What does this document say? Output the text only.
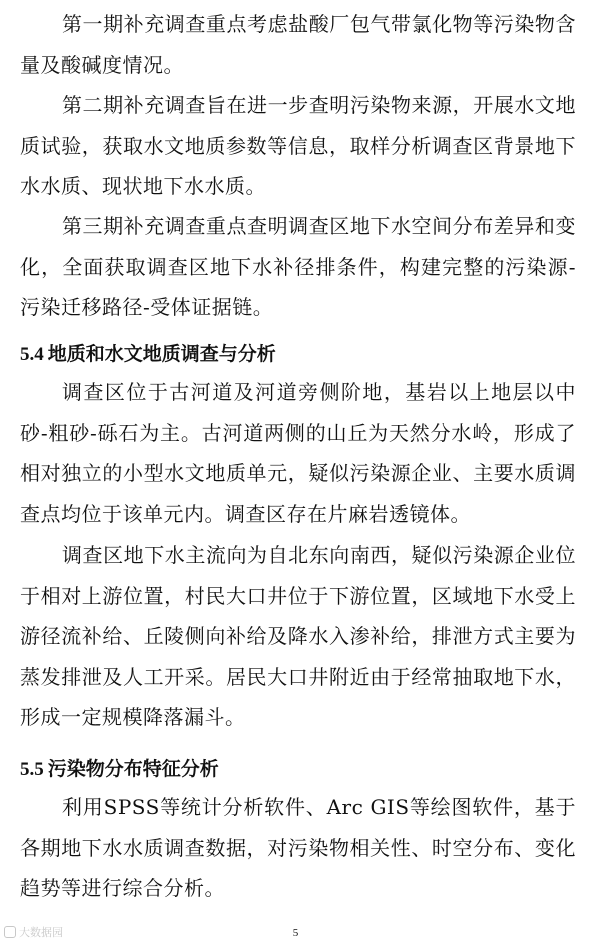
第一期补充调查重点考虑盐酸厂包气带氯化物等污染物含量及酸碱度情况。

第二期补充调查旨在进一步查明污染物来源，开展水文地质试验，获取水文地质参数等信息，取样分析调查区背景地下水水质、现状地下水水质。

第三期补充调查重点查明调查区地下水空间分布差异和变化，全面获取调查区地下水补径排条件，构建完整的污染源-污染迁移路径-受体证据链。

5.4 地质和水文地质调查与分析

调查区位于古河道及河道旁侧阶地，基岩以上地层以中砂-粗砂-砾石为主。古河道两侧的山丘为天然分水岭，形成了相对独立的小型水文地质单元，疑似污染源企业、主要水质调查点均位于该单元内。调查区存在片麻岩透镜体。

调查区地下水主流向为自北东向南西，疑似污染源企业位于相对上游位置，村民大口井位于下游位置，区域地下水受上游径流补给、丘陵侧向补给及降水入渗补给，排泄方式主要为蒸发排泄及人工开采。居民大口井附近由于经常抽取地下水，形成一定规模降落漏斗。

5.5 污染物分布特征分析

利用SPSS等统计分析软件、Arc GIS等绘图软件，基于各期地下水水质调查数据，对污染物相关性、时空分布、变化趋势等进行综合分析。

大数据园	5
